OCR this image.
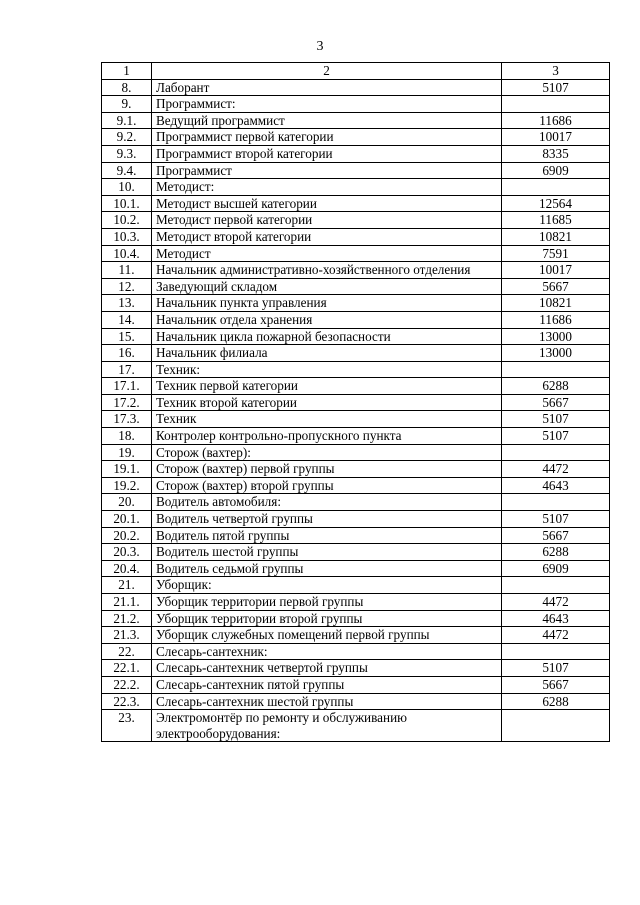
3
1	2	3
8.	Лаборант	5107
9.	Программист:	
9.1.	Ведущий программист	11686
9.2.	Программист первой категории	10017
9.3.	Программист второй категории	8335
9.4.	Программист	6909
10.	Методист:	
10.1.	Методист высшей категории	12564
10.2.	Методист первой категории	11685
10.3.	Методист второй категории	10821
10.4.	Методист	7591
11.	Начальник административно-хозяйственного отделения	10017
12.	Заведующий складом	5667
13.	Начальник пункта управления	10821
14.	Начальник отдела хранения	11686
15.	Начальник цикла пожарной безопасности	13000
16.	Начальник филиала	13000
17.	Техник:	
17.1.	Техник первой категории	6288
17.2.	Техник второй категории	5667
17.3.	Техник	5107
18.	Контролер контрольно-пропускного пункта	5107
19.	Сторож (вахтер):	
19.1.	Сторож (вахтер) первой группы	4472
19.2.	Сторож (вахтер) второй группы	4643
20.	Водитель автомобиля:	
20.1.	Водитель четвертой группы	5107
20.2.	Водитель пятой группы	5667
20.3.	Водитель шестой группы	6288
20.4.	Водитель седьмой группы	6909
21.	Уборщик:	
21.1.	Уборщик территории первой группы	4472
21.2.	Уборщик территории второй группы	4643
21.3.	Уборщик служебных помещений первой группы	4472
22.	Слесарь-сантехник:	
22.1.	Слесарь-сантехник четвертой группы	5107
22.2.	Слесарь-сантехник пятой группы	5667
22.3.	Слесарь-сантехник шестой группы	6288
23.	Электромонтёр по ремонту и обслуживанию электрооборудования:	
